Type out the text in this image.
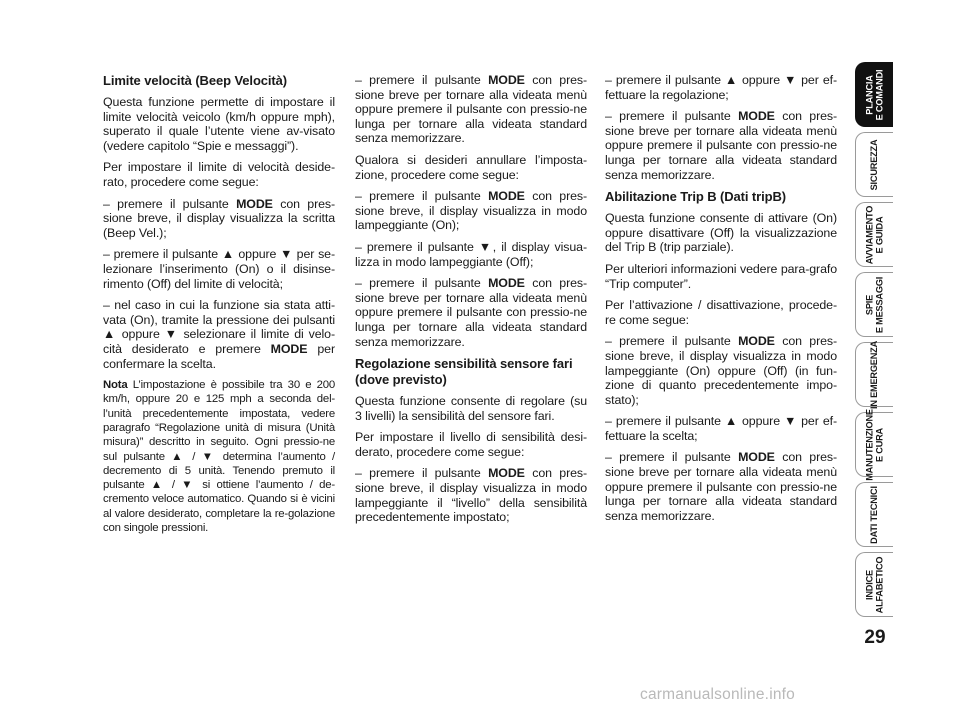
Limite velocità (Beep Velocità)

Questa funzione permette di impostare il limite velocità veicolo (km/h oppure mph), superato il quale l’utente viene av-visato (vedere capitolo “Spie e messaggi”).

Per impostare il limite di velocità deside-rato, procedere come segue:

– premere il pulsante MODE con pres-sione breve, il display visualizza la scritta (Beep Vel.);

– premere il pulsante ▲ oppure ▼ per se-lezionare l’inserimento (On) o il disinse-rimento (Off) del limite di velocità;

– nel caso in cui la funzione sia stata atti-vata (On), tramite la pressione dei pulsanti ▲ oppure ▼ selezionare il limite di velo-cità desiderato e premere MODE per confermare la scelta.

Nota L’impostazione è possibile tra 30 e 200 km/h, oppure 20 e 125 mph a seconda del-l’unità precedentemente impostata, vedere paragrafo “Regolazione unità di misura (Unità misura)” descritto in seguito. Ogni pressio-ne sul pulsante ▲ / ▼ determina l’aumento / decremento di 5 unità. Tenendo premuto il pulsante ▲ / ▼ si ottiene l’aumento / de-cremento veloce automatico. Quando si è vicini al valore desiderato, completare la re-golazione con singole pressioni.

– premere il pulsante MODE con pres-sione breve per tornare alla videata menù oppure premere il pulsante con pressio-ne lunga per tornare alla videata standard senza memorizzare.

Qualora si desideri annullare l’imposta-zione, procedere come segue:

– premere il pulsante MODE con pres-sione breve, il display visualizza in modo lampeggiante (On);

– premere il pulsante ▼, il display visua-lizza in modo lampeggiante (Off);

– premere il pulsante MODE con pres-sione breve per tornare alla videata menù oppure premere il pulsante con pressio-ne lunga per tornare alla videata standard senza memorizzare.

Regolazione sensibilità sensore fari (dove previsto)

Questa funzione consente di regolare (su 3 livelli) la sensibilità del sensore fari.

Per impostare il livello di sensibilità desi-derato, procedere come segue:

– premere il pulsante MODE con pres-sione breve, il display visualizza in modo lampeggiante il “livello” della sensibilità precedentemente impostato;

– premere il pulsante ▲ oppure ▼ per ef-fettuare la regolazione;

– premere il pulsante MODE con pres-sione breve per tornare alla videata menù oppure premere il pulsante con pressio-ne lunga per tornare alla videata standard senza memorizzare.

Abilitazione Trip B (Dati tripB)

Questa funzione consente di attivare (On) oppure disattivare (Off) la visualizzazione del Trip B (trip parziale).

Per ulteriori informazioni vedere para-grafo “Trip computer”.

Per l’attivazione / disattivazione, procede-re come segue:

– premere il pulsante MODE con pres-sione breve, il display visualizza in modo lampeggiante (On) oppure (Off) (in fun-zione di quanto precedentemente impo-stato);

– premere il pulsante ▲ oppure ▼ per ef-fettuare la scelta;

– premere il pulsante MODE con pres-sione breve per tornare alla videata menù oppure premere il pulsante con pressio-ne lunga per tornare alla videata standard senza memorizzare.

PLANCIA
E COMANDI
SICUREZZA
AVVIAMENTO
E GUIDA
SPIE
E MESSAGGI
IN EMERGENZA
MANUTENZIONE
E CURA
DATI TECNICI
INDICE
ALFABETICO
29
carmanualsonline.info
